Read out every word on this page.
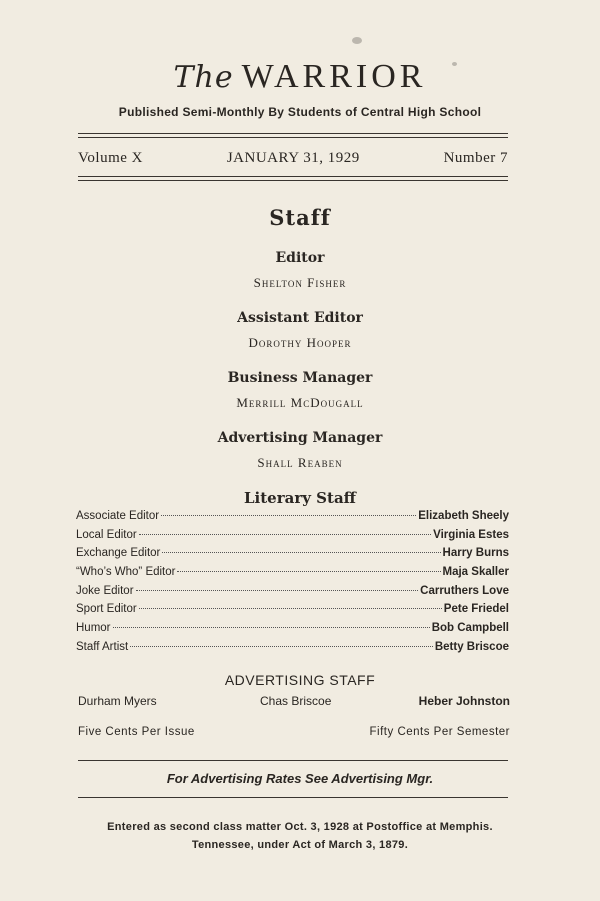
The WARRIOR
Published Semi-Monthly By Students of Central High School
Volume X	JANUARY 31, 1929	Number 7
Staff
Editor
Shelton Fisher
Assistant Editor
Dorothy Hooper
Business Manager
Merrill McDougall
Advertising Manager
Shall Reaben
Literary Staff
Associate Editor	Elizabeth Sheely
Local Editor	Virginia Estes
Exchange Editor	Harry Burns
“Who’s Who” Editor	Maja Skaller
Joke Editor	Carruthers Love
Sport Editor	Pete Friedel
Humor	Bob Campbell
Staff Artist	Betty Briscoe
ADVERTISING STAFF
Durham Myers	Chas Briscoe	Heber Johnston
Five Cents Per Issue	Fifty Cents Per Semester
For Advertising Rates See Advertising Mgr.
Entered as second class matter Oct. 3, 1928 at Postoffice at Memphis.
Tennessee, under Act of March 3, 1879.
